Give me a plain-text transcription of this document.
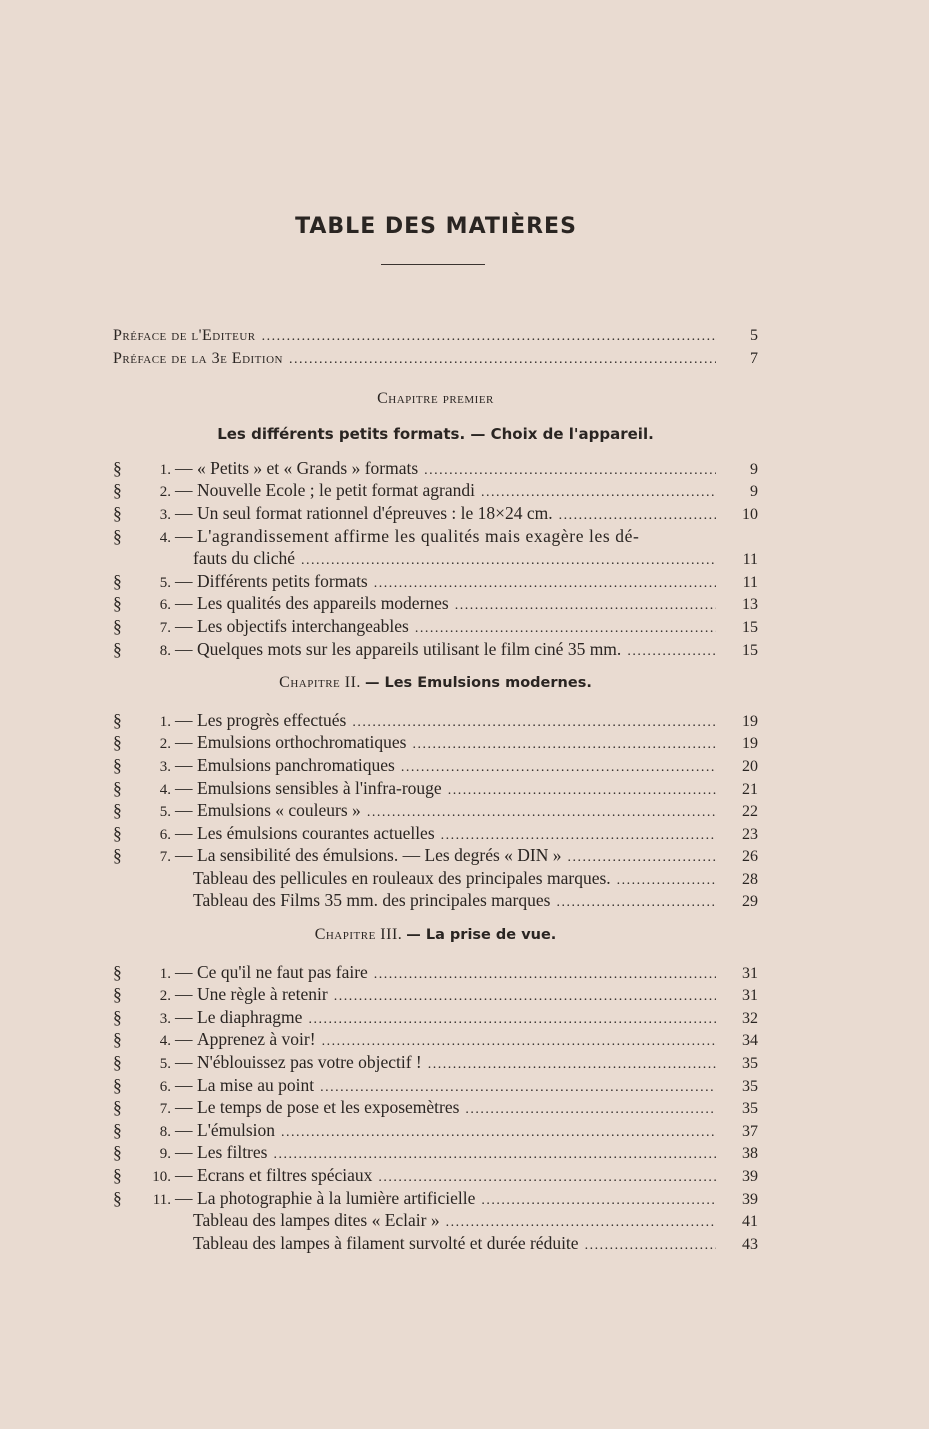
TABLE DES MATIÈRES
Préface de l'Editeur . . .	5
Préface de la 3e Edition . . .	7
Chapitre premier
Les différents petits formats. — Choix de l'appareil.
§	1. — « Petits » et « Grands » formats . . .	9
§	2. — Nouvelle Ecole ; le petit format agrandi . . .	9
§	3. — Un seul format rationnel d'épreuves : le 18×24 cm. . . .	10
§	4. — L'agrandissement affirme les qualités mais exagère les dé-
fauts du cliché . . .	11
§	5. — Différents petits formats . . .	11
§	6. — Les qualités des appareils modernes . . .	13
§	7. — Les objectifs interchangeables . . .	15
§	8. — Quelques mots sur les appareils utilisant le film ciné 35 mm. . . .	15
Chapitre II. — Les Emulsions modernes.
§	1. — Les progrès effectués . . .	19
§	2. — Emulsions orthochromatiques . . .	19
§	3. — Emulsions panchromatiques . . .	20
§	4. — Emulsions sensibles à l'infra-rouge . . .	21
§	5. — Emulsions « couleurs » . . .	22
§	6. — Les émulsions courantes actuelles . . .	23
§	7. — La sensibilité des émulsions. — Les degrés « DIN » . . .	26
Tableau des pellicules en rouleaux des principales marques. . . .	28
Tableau des Films 35 mm. des principales marques . . .	29
Chapitre III. — La prise de vue.
§	1. — Ce qu'il ne faut pas faire . . .	31
§	2. — Une règle à retenir . . .	31
§	3. — Le diaphragme . . .	32
§	4. — Apprenez à voir! . . .	34
§	5. — N'éblouissez pas votre objectif ! . . .	35
§	6. — La mise au point . . .	35
§	7. — Le temps de pose et les exposemètres . . .	35
§	8. — L'émulsion . . .	37
§	9. — Les filtres . . .	38
§	10. — Ecrans et filtres spéciaux . . .	39
§	11. — La photographie à la lumière artificielle . . .	39
Tableau des lampes dites « Eclair » . . .	41
Tableau des lampes à filament survolté et durée réduite . . .	43
